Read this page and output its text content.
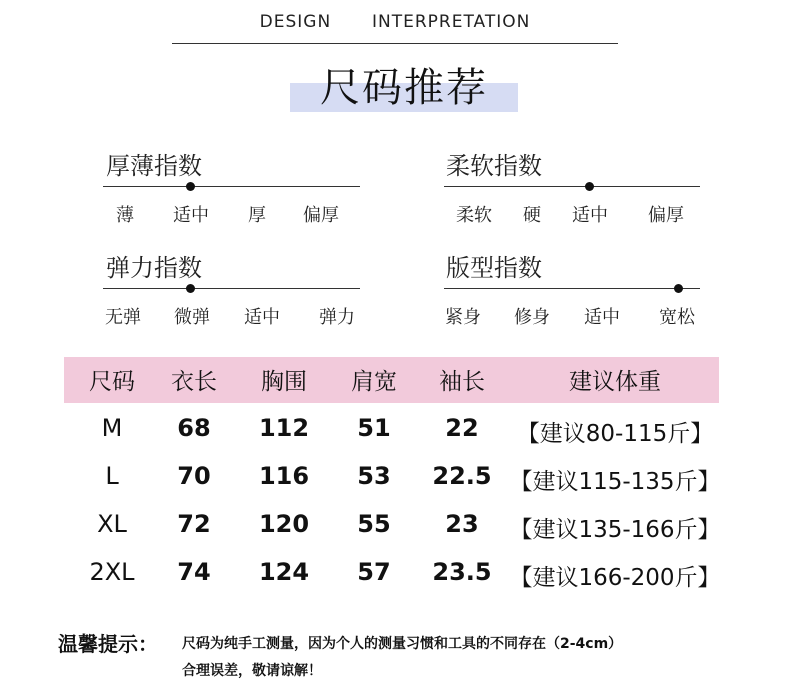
DESIGN  INTERPRETATION
尺码推荐
厚薄指数
薄	适中	厚	偏厚
柔软指数
柔软	硬	适中	偏厚
弹力指数
无弹	微弹	适中	弹力
版型指数
紧身	修身	适中	宽松
尺码	衣长	胸围	肩宽	袖长	建议体重
M	68	112	51	22	【建议80-115斤】
L	70	116	53	22.5 【建议115-135斤】
XL	72	120	55	23	【建议135-166斤】
2XL	74	124	57	23.5 【建议166-200斤】
温馨提示： 尺码为纯手工测量，因为个人的测量习惯和工具的不同存在（2-4cm）
合理误差，敬请谅解！
